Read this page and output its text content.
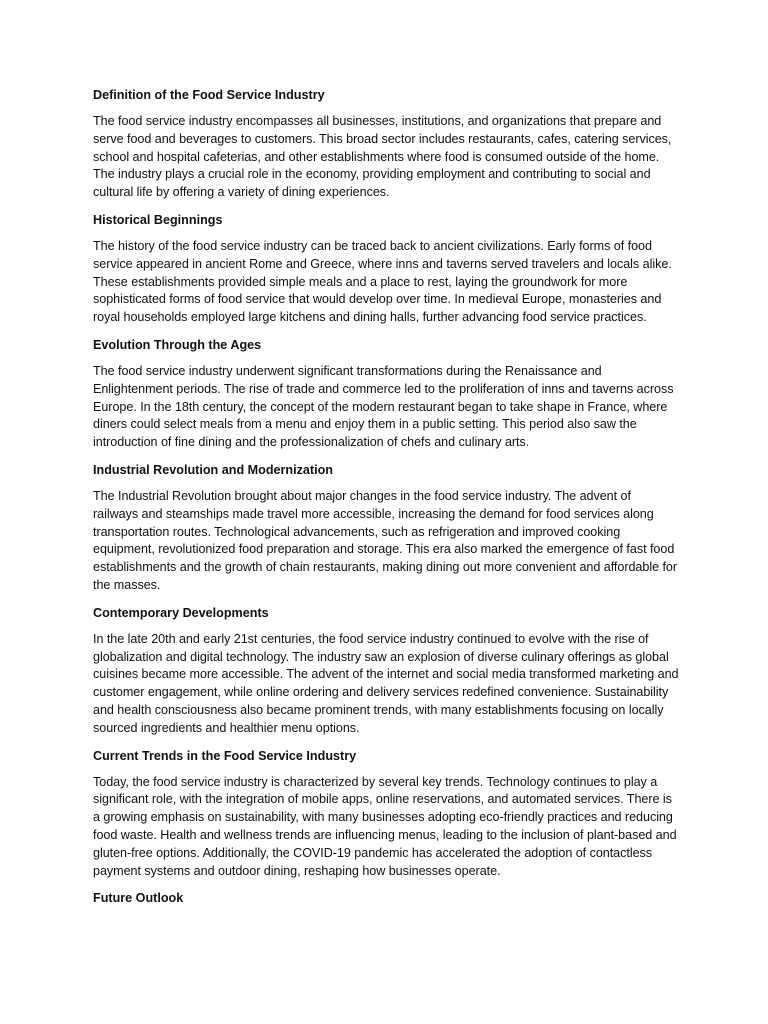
Definition of the Food Service Industry
The food service industry encompasses all businesses, institutions, and organizations that prepare and serve food and beverages to customers. This broad sector includes restaurants, cafes, catering services, school and hospital cafeterias, and other establishments where food is consumed outside of the home. The industry plays a crucial role in the economy, providing employment and contributing to social and cultural life by offering a variety of dining experiences.
Historical Beginnings
The history of the food service industry can be traced back to ancient civilizations. Early forms of food service appeared in ancient Rome and Greece, where inns and taverns served travelers and locals alike. These establishments provided simple meals and a place to rest, laying the groundwork for more sophisticated forms of food service that would develop over time. In medieval Europe, monasteries and royal households employed large kitchens and dining halls, further advancing food service practices.
Evolution Through the Ages
The food service industry underwent significant transformations during the Renaissance and Enlightenment periods. The rise of trade and commerce led to the proliferation of inns and taverns across Europe. In the 18th century, the concept of the modern restaurant began to take shape in France, where diners could select meals from a menu and enjoy them in a public setting. This period also saw the introduction of fine dining and the professionalization of chefs and culinary arts.
Industrial Revolution and Modernization
The Industrial Revolution brought about major changes in the food service industry. The advent of railways and steamships made travel more accessible, increasing the demand for food services along transportation routes. Technological advancements, such as refrigeration and improved cooking equipment, revolutionized food preparation and storage. This era also marked the emergence of fast food establishments and the growth of chain restaurants, making dining out more convenient and affordable for the masses.
Contemporary Developments
In the late 20th and early 21st centuries, the food service industry continued to evolve with the rise of globalization and digital technology. The industry saw an explosion of diverse culinary offerings as global cuisines became more accessible. The advent of the internet and social media transformed marketing and customer engagement, while online ordering and delivery services redefined convenience. Sustainability and health consciousness also became prominent trends, with many establishments focusing on locally sourced ingredients and healthier menu options.
Current Trends in the Food Service Industry
Today, the food service industry is characterized by several key trends. Technology continues to play a significant role, with the integration of mobile apps, online reservations, and automated services. There is a growing emphasis on sustainability, with many businesses adopting eco-friendly practices and reducing food waste. Health and wellness trends are influencing menus, leading to the inclusion of plant-based and gluten-free options. Additionally, the COVID-19 pandemic has accelerated the adoption of contactless payment systems and outdoor dining, reshaping how businesses operate.
Future Outlook
